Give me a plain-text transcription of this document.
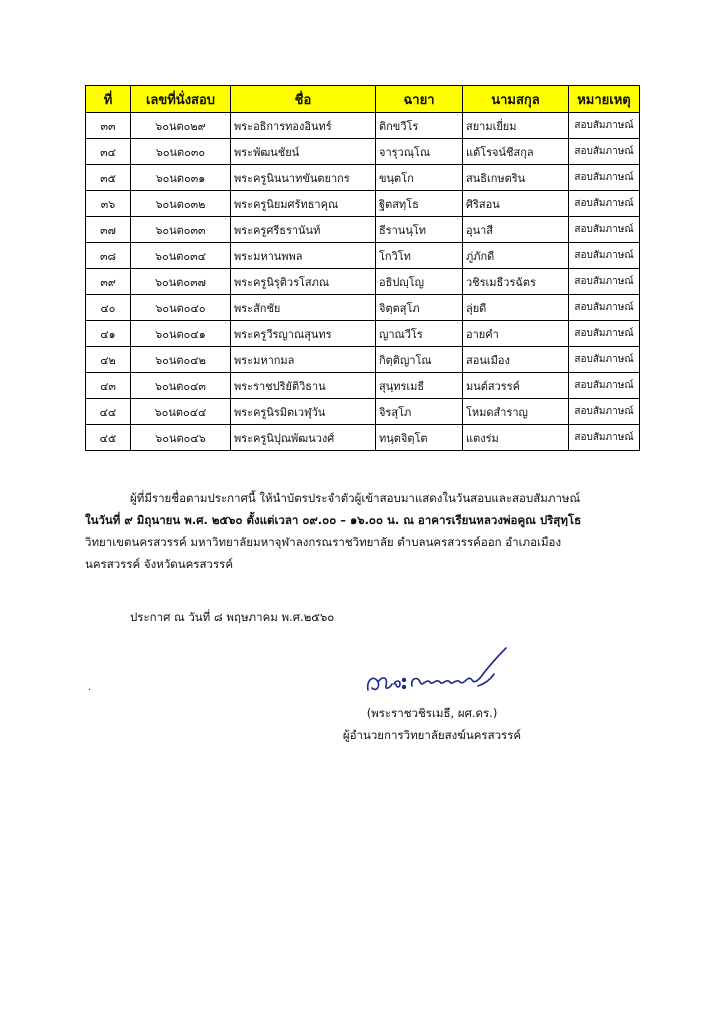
ที่	เลขที่นั่งสอบ	ชื่อ	ฉายา	นามสกุล	หมายเหตุ
๓๓	๖๐นต๐๒๙	พระอธิการทองอินทร์	ติกขวีโร	สยามเยี่ยม	สอบสัมภาษณ์
๓๔	๖๐นต๐๓๐	พระพัฒนชัยน์	จารุวณฺโณ	แต้โรจน์ชีสกุล	สอบสัมภาษณ์
๓๕	๖๐นต๐๓๑	พระครูนินนาทขันตยากร	ขนฺตโก	สนธิเกษตริน	สอบสัมภาษณ์
๓๖	๖๐นต๐๓๒	พระครูนิยมศรัทธาคุณ	ฐิตสทฺโธ	ศิริสอน	สอบสัมภาษณ์
๓๗	๖๐นต๐๓๓	พระครูศรีธรานันท์	ธีรานนฺโท	อุนาสี	สอบสัมภาษณ์
๓๘	๖๐นต๐๓๔	พระมหานพพล	โกวิโท	ภู่ภักดี	สอบสัมภาษณ์
๓๙	๖๐นต๐๓๗	พระครูนิรุติวรโสภณ	อธิปญฺโญ	วชิรเมธีวรฉัตร	สอบสัมภาษณ์
๔๐	๖๐นต๐๔๐	พระสักชัย	จิตฺตสุโภ	ลุ่ยดี	สอบสัมภาษณ์
๔๑	๖๐นต๐๔๑	พระครูวีรญาณสุนทร	ญาณวีโร	อายคำ	สอบสัมภาษณ์
๔๒	๖๐นต๐๔๒	พระมหากมล	กิตฺติญาโณ	สอนเมือง	สอบสัมภาษณ์
๔๓	๖๐นต๐๔๓	พระราชปริยัติวิธาน	สุนฺทรเมธี	มนต์สวรรค์	สอบสัมภาษณ์
๔๔	๖๐นต๐๔๔	พระครูนิรมิตเวฬุวัน	จิรสุโภ	โหมดสำราญ	สอบสัมภาษณ์
๔๕	๖๐นต๐๔๖	พระครูนิปุณพัฒนวงศ์	ทนฺตจิตฺโต	แตงร่ม	สอบสัมภาษณ์

ผู้ที่มีรายชื่อตามประกาศนี้ ให้นำบัตรประจำตัวผู้เข้าสอบมาแสดงในวันสอบและสอบสัมภาษณ์

ในวันที่ ๙ มิถุนายน พ.ศ. ๒๕๖๐ ตั้งแต่เวลา ๐๙.๐๐ – ๑๖.๐๐ น. ณ อาคารเรียนหลวงพ่อคูณ ปริสุทฺโธ

วิทยาเขตนครสวรรค์ มหาวิทยาลัยมหาจุฬาลงกรณราชวิทยาลัย ตำบลนครสวรรค์ออก อำเภอเมือง

นครสวรรค์ จังหวัดนครสวรรค์

ประกาศ ณ วันที่ ๘ พฤษภาคม พ.ศ.๒๕๖๐
.
(พระราชวชิรเมธี, ผศ.ดร.)
ผู้อำนวยการวิทยาลัยสงฆ์นครสวรรค์
